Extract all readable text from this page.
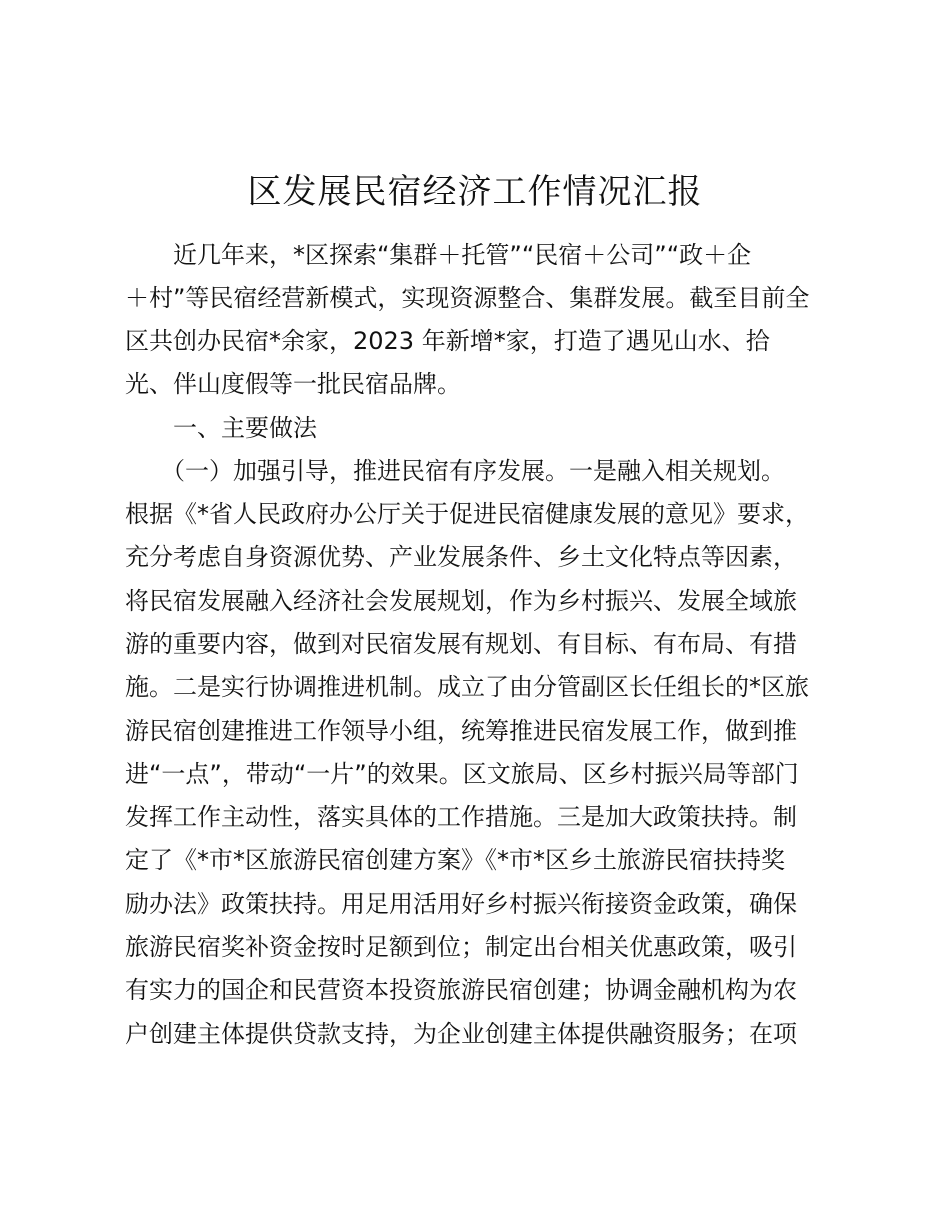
区发展民宿经济工作情况汇报

　　近几年来，*区探索“集群＋托管”“民宿＋公司”“政＋企

＋村”等民宿经营新模式，实现资源整合、集群发展。截至目前全

区共创办民宿*余家，2023 年新增*家，打造了遇见山水、拾

光、伴山度假等一批民宿品牌。

　　一、主要做法

　　（一）加强引导，推进民宿有序发展。一是融入相关规划。

根据《*省人民政府办公厅关于促进民宿健康发展的意见》要求，

充分考虑自身资源优势、产业发展条件、乡土文化特点等因素，

将民宿发展融入经济社会发展规划，作为乡村振兴、发展全域旅

游的重要内容，做到对民宿发展有规划、有目标、有布局、有措

施。二是实行协调推进机制。成立了由分管副区长任组长的*区旅

游民宿创建推进工作领导小组，统筹推进民宿发展工作，做到推

进“一点”，带动“一片”的效果。区文旅局、区乡村振兴局等部门

发挥工作主动性，落实具体的工作措施。三是加大政策扶持。制

定了《*市*区旅游民宿创建方案》《*市*区乡土旅游民宿扶持奖

励办法》政策扶持。用足用活用好乡村振兴衔接资金政策，确保

旅游民宿奖补资金按时足额到位；制定出台相关优惠政策，吸引

有实力的国企和民营资本投资旅游民宿创建；协调金融机构为农

户创建主体提供贷款支持，为企业创建主体提供融资服务；在项
